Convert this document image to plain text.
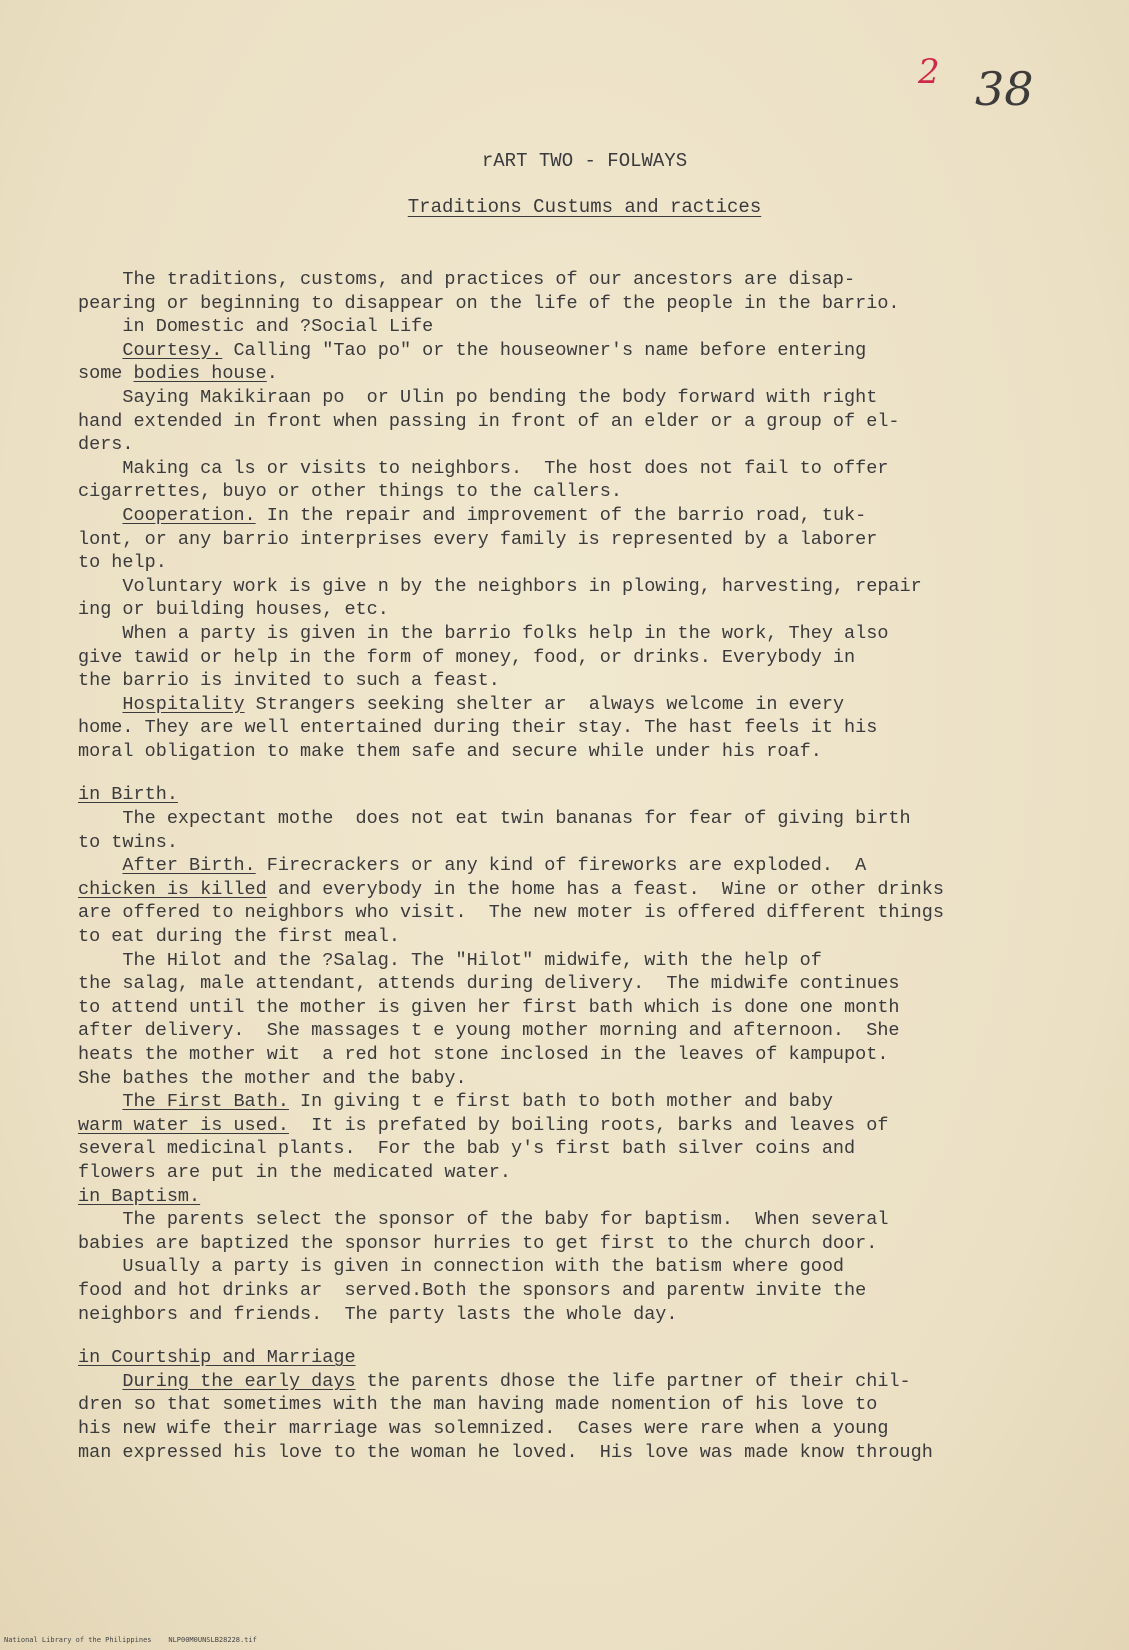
2 38
rART TWO - FOLWAYS
Traditions Custums and ractices
The traditions, customs, and practices of our ancestors are disap-
pearing or beginning to disappear on the life of the people in the barrio.
in Domestic and ?Social Life
Courtesy. Calling "Tao po" or the houseowner's name before entering
some bodies house.
Saying Makikiraan po  or Ulin po bending the body forward with right
hand extended in front when passing in front of an elder or a group of el-
ders.
Making ca ls or visits to neighbors.  The host does not fail to offer
cigarrettes, buyo or other things to the callers.
Cooperation. In the repair and improvement of the barrio road, tuk-
lont, or any barrio interprises every family is represented by a laborer
to help.
Voluntary work is give n by the neighbors in plowing, harvesting, repair
ing or building houses, etc.
When a party is given in the barrio folks help in the work, They also
give tawid or help in the form of money, food, or drinks. Everybody in
the barrio is invited to such a feast.
Hospitality Strangers seeking shelter ar  always welcome in every
home. They are well entertained during their stay. The hast feels it his
moral obligation to make them safe and secure while under his roaf.
in Birth.
The expectant mothe  does not eat twin bananas for fear of giving birth
to twins.
After Birth. Firecrackers or any kind of fireworks are exploded.  A
chicken is killed and everybody in the home has a feast.  Wine or other drinks
are offered to neighbors who visit.  The new moter is offered different things
to eat during the first meal.
The Hilot and the ?Salag. The "Hilot" midwife, with the help of
the salag, male attendant, attends during delivery.  The midwife continues
to attend until the mother is given her first bath which is done one month
after delivery.  She massages t e young mother morning and afternoon.  She
heats the mother wit  a red hot stone inclosed in the leaves of kampupot.
She bathes the mother and the baby.
The First Bath. In giving t e first bath to both mother and baby
warm water is used.  It is prefated by boiling roots, barks and leaves of
several medicinal plants.  For the bab y's first bath silver coins and
flowers are put in the medicated water.
in Baptism.
The parents select the sponsor of the baby for baptism.  When several
babies are baptized the sponsor hurries to get first to the church door.
Usually a party is given in connection with the batism where good
food and hot drinks ar  served.Both the sponsors and parentw invite the
neighbors and friends.  The party lasts the whole day.
in Courtship and Marriage
During the early days the parents dhose the life partner of their chil-
dren so that sometimes with the man having made nomention of his love to
his new wife their marriage was solemnized.  Cases were rare when a young
man expressed his love to the woman he loved.  His love was made know through
National Library of the Philippines    NLP00M0UNSLB28228.tif
